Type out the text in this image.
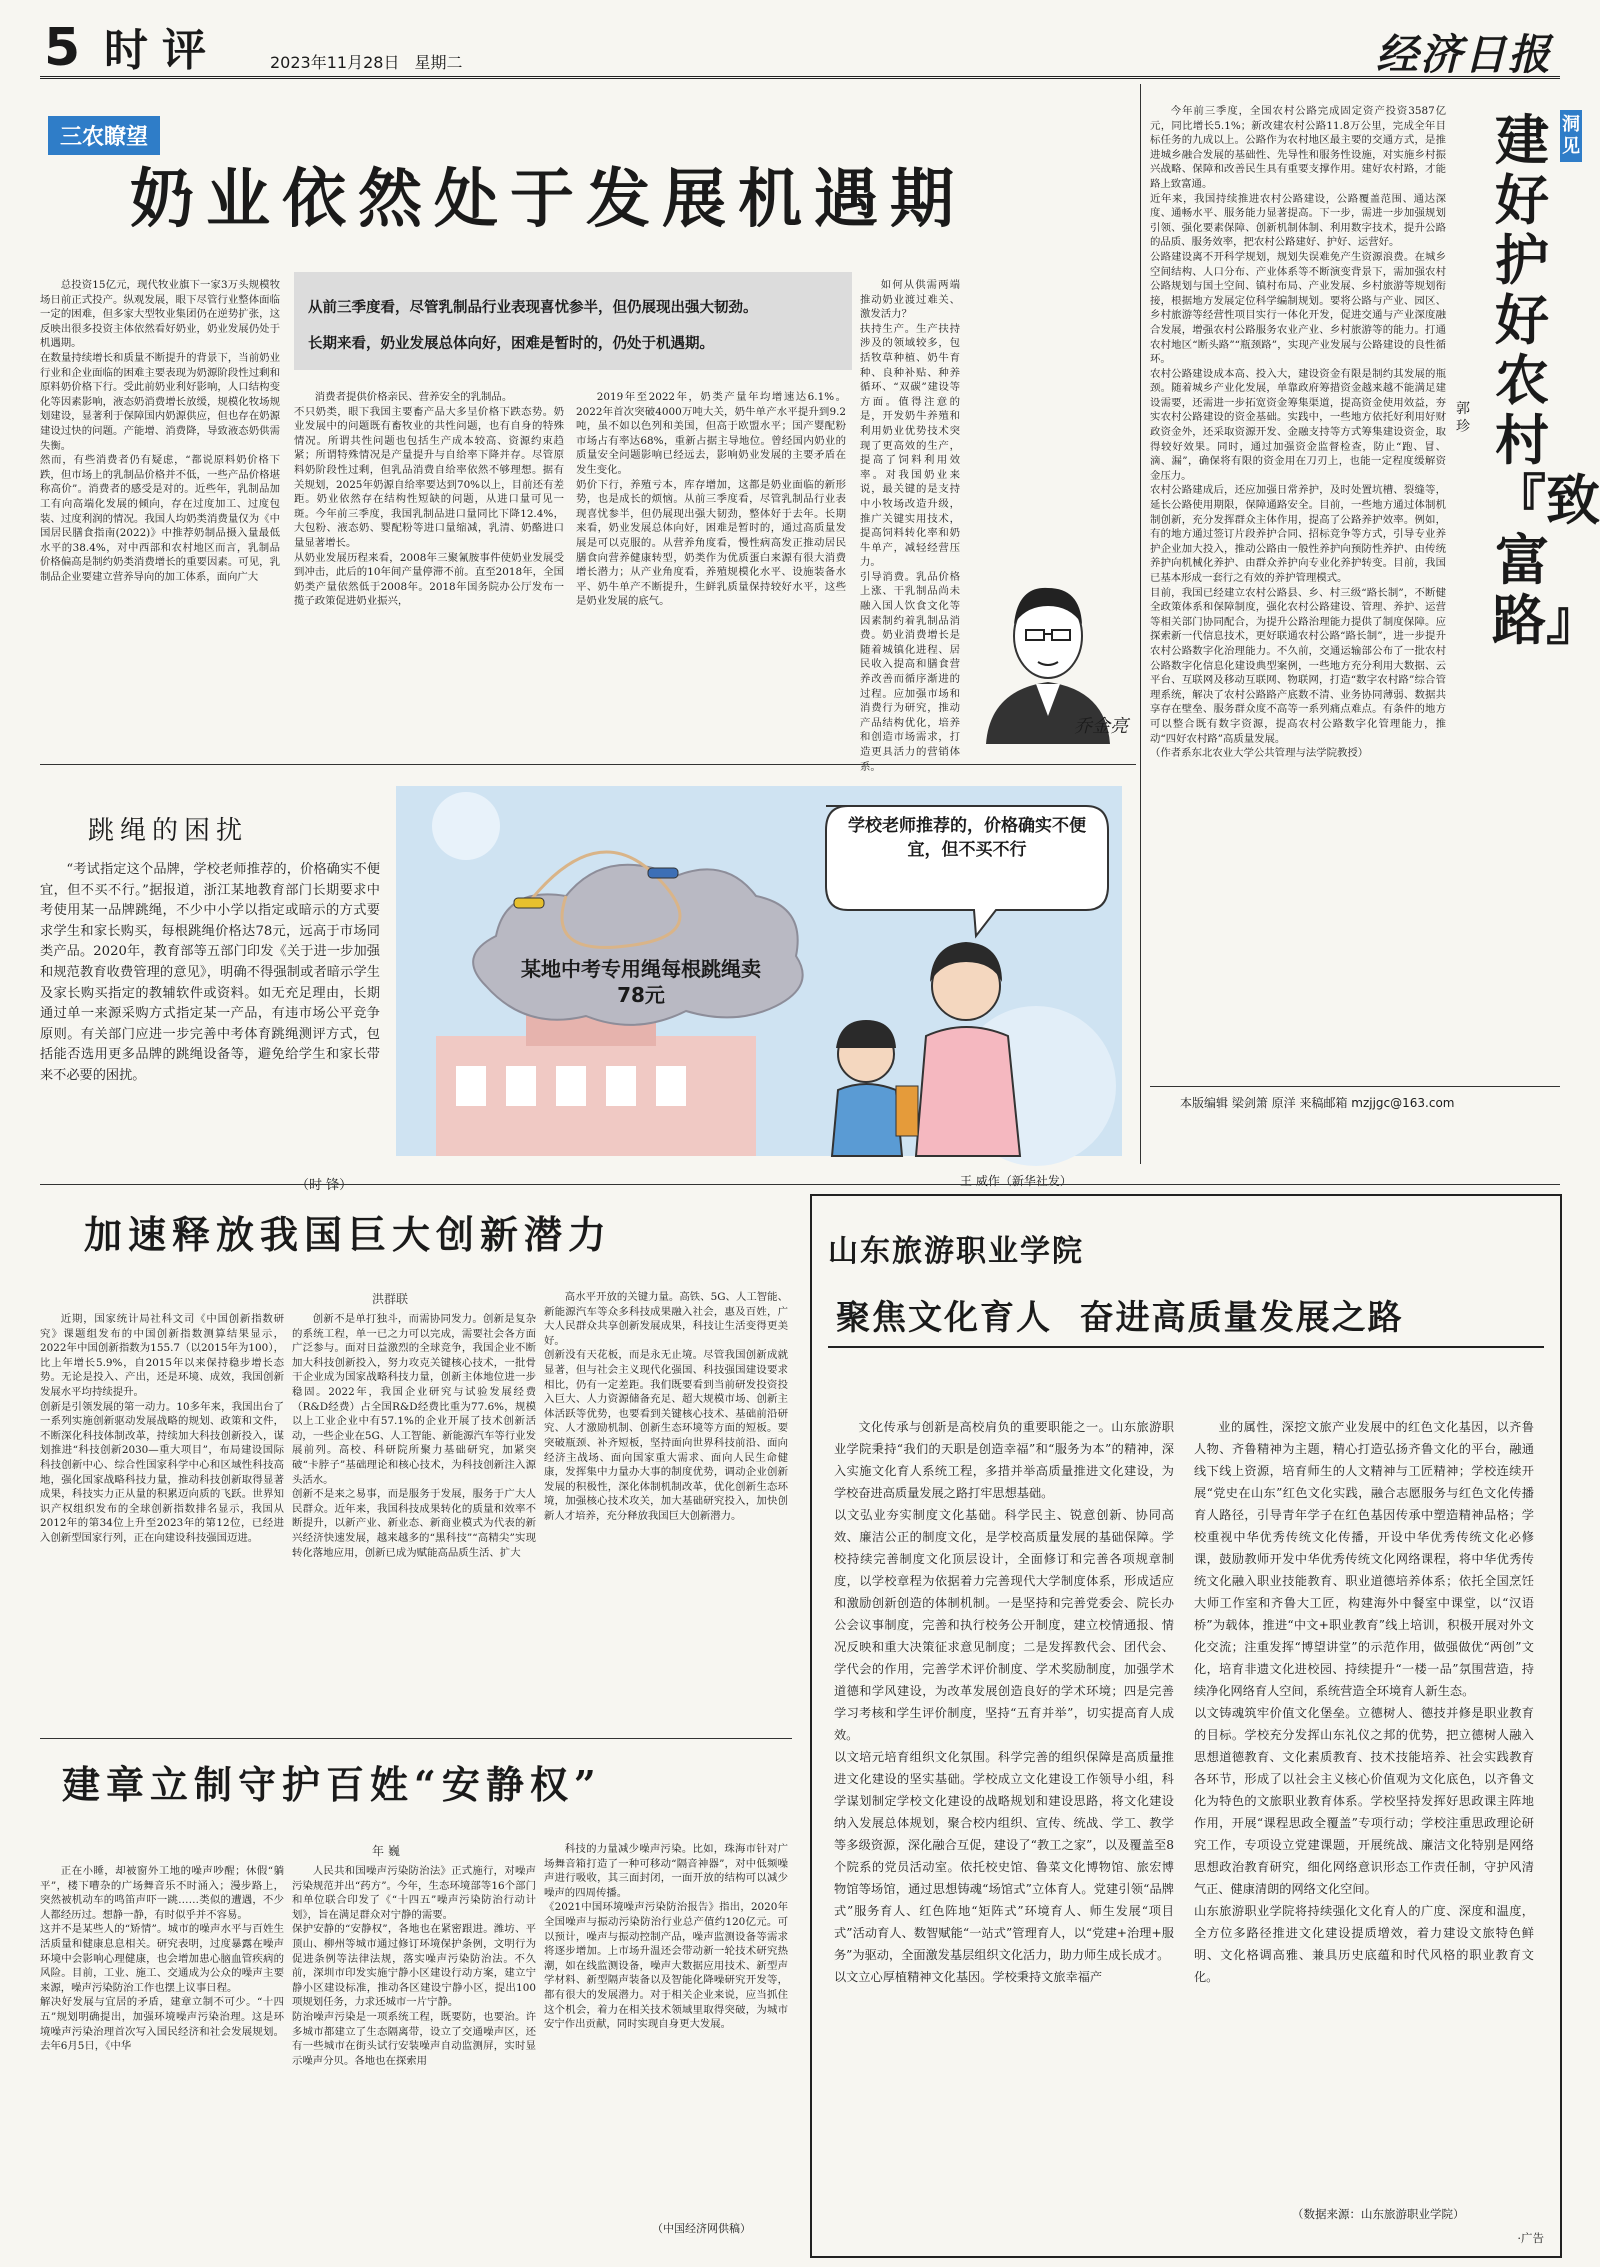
5 时评	2023年11月28日 星期二	经济日报
三农瞭望
奶业依然处于发展机遇期
总投资15亿元，现代牧业旗下一家3万头规模牧场日前正式投产。纵观发展，眼下尽管行业整体面临一定的困难，但多家大型牧业集团仍在逆势扩张，这反映出很多投资主体依然看好奶业，奶业发展仍处于机遇期。
在数量持续增长和质量不断提升的背景下，当前奶业行业和企业面临的困难主要表现为奶源阶段性过剩和原料奶价格下行。受此前奶业利好影响，人口结构变化等因素影响，液态奶消费增长放缓，规模化牧场规划建设，显著利于保障国内奶源供应，但也存在奶源建设过快的问题。产能增、消费降，导致液态奶供需失衡。
然而，有些消费者仍有疑虑，“都说原料奶价格下跌，但市场上的乳制品价格并不低，一些产品价格堪称高价”。消费者的感受是对的。近些年，乳制品加工有向高端化发展的倾向，存在过度加工、过度包装、过度利润的情况。我国人均奶类消费量仅为《中国居民膳食指南(2022)》中推荐奶制品摄入量最低水平的38.4%，对中西部和农村地区而言，乳制品价格偏高是制约奶类消费增长的重要因素。可见，乳制品企业要建立营养导向的加工体系，面向广大
从前三季度看，尽管乳制品行业表现喜忧参半，但仍展现出强大韧劲。
长期来看，奶业发展总体向好，困难是暂时的，仍处于机遇期。
消费者提供价格亲民、营养安全的乳制品。
不只奶类，眼下我国主要畜产品大多呈价格下跌态势。奶业发展中的问题既有畜牧业的共性问题，也有自身的特殊情况。所谓共性问题也包括生产成本较高、资源约束趋紧；所谓特殊情况是产量提升与自给率下降并存。尽管原料奶阶段性过剩，但乳品消费自给率依然不够理想。据有关规划，2025年奶源自给率要达到70%以上，目前还有差距。奶业依然存在结构性短缺的问题，从进口量可见一斑。今年前三季度，我国乳制品进口量同比下降12.4%，大包粉、液态奶、婴配粉等进口量缩减，乳清、奶酪进口量显著增长。
从奶业发展历程来看，2008年三聚氰胺事件使奶业发展受到冲击，此后的10年间产量停滞不前。直至2018年，全国奶类产量依然低于2008年。2018年国务院办公厅发布一揽子政策促进奶业振兴，
2019年至2022年，奶类产量年均增速达6.1%。2022年首次突破4000万吨大关，奶牛单产水平提升到9.2吨，虽不如以色列和美国，但高于欧盟水平；国产婴配粉市场占有率达68%，重新占据主导地位。曾经国内奶业的质量安全问题影响已经远去，影响奶业发展的主要矛盾在发生变化。
奶价下行，养殖亏本，库存增加，这都是奶业面临的新形势，也是成长的烦恼。从前三季度看，尽管乳制品行业表现喜忧参半，但仍展现出强大韧劲，整体好于去年。长期来看，奶业发展总体向好，困难是暂时的，通过高质量发展是可以克服的。从营养角度看，慢性病高发正推动居民膳食向营养健康转型，奶类作为优质蛋白来源有很大消费增长潜力；从产业角度看，养殖规模化水平、设施装备水平、奶牛单产不断提升，生鲜乳质量保持较好水平，这些是奶业发展的底气。
如何从供需两端推动奶业渡过难关、激发活力？
扶持生产。生产扶持涉及的领域较多，包括牧草种植、奶牛育种、良种补贴、种养循环、“双碳”建设等方面。值得注意的是，开发奶牛养殖和利用奶业优势技术突现了更高效的生产，提高了饲料利用效率。对我国奶业来说，最关键的是支持中小牧场改造升级，推广关键实用技术，提高饲料转化率和奶牛单产，减轻经营压力。
引导消费。乳品价格上涨、干乳制品尚未融入国人饮食文化等因素制约着乳制品消费。奶业消费增长是随着城镇化进程、居民收入提高和膳食营养改善而循序渐进的过程。应加强市场和消费行为研究，推动产品结构优化，培养和创造市场需求，打造更具活力的营销体系。
乔金亮
洞见
建好护好农村『致富路』
郭 珍
今年前三季度，全国农村公路完成固定资产投资3587亿元，同比增长5.1%；新改建农村公路11.8万公里，完成全年目标任务的九成以上。公路作为农村地区最主要的交通方式，是推进城乡融合发展的基础性、先导性和服务性设施，对实施乡村振兴战略、保障和改善民生具有重要支撑作用。建好农村路，才能路上致富通。
近年来，我国持续推进农村公路建设，公路覆盖范围、通达深度、通畅水平、服务能力显著提高。下一步，需进一步加强规划引领、强化要素保障、创新机制体制、利用数字技术，提升公路的品质、服务效率，把农村公路建好、护好、运营好。
公路建设离不开科学规划，规划失误难免产生资源浪费。在城乡空间结构、人口分布、产业体系等不断演变背景下，需加强农村公路规划与国土空间、镇村布局、产业发展、乡村旅游等规划衔接，根据地方发展定位科学编制规划。要将公路与产业、园区、乡村旅游等经营性项目实行一体化开发，促进交通与产业深度融合发展，增强农村公路服务农业产业、乡村旅游等的能力。打通农村地区“断头路”“瓶颈路”，实现产业发展与公路建设的良性循环。
农村公路建设成本高、投入大，建设资金有限是制约其发展的瓶颈。随着城乡产业化发展，单靠政府筹措资金越来越不能满足建设需要，还需进一步拓宽资金筹集渠道，提高资金使用效益，夯实农村公路建设的资金基础。实践中，一些地方依托好利用好财政资金外，还采取资源开发、金融支持等方式筹集建设资金，取得较好效果。同时，通过加强资金监督检查，防止“跑、冒、滴、漏”，确保将有限的资金用在刀刃上，也能一定程度缓解资金压力。
农村公路建成后，还应加强日常养护，及时处置坑槽、裂缝等，延长公路使用期限，保障通路安全。目前，一些地方通过体制机制创新，充分发挥群众主体作用，提高了公路养护效率。例如，有的地方通过签订片段养护合同、招标竞争等方式，引导专业养护企业加大投入，推动公路由一般性养护向预防性养护、由传统养护向机械化养护、由群众养护向专业化养护转变。目前，我国已基本形成一套行之有效的养护管理模式。
目前，我国已经建立农村公路县、乡、村三级“路长制”，不断健全政策体系和保障制度，强化农村公路建设、管理、养护、运营等相关部门协同配合，为提升公路治理能力提供了制度保障。应探索新一代信息技术，更好联通农村公路“路长制”，进一步提升农村公路数字化治理能力。不久前，交通运输部公布了一批农村公路数字化信息化建设典型案例，一些地方充分利用大数据、云平台、互联网及移动互联网、物联网，打造“数字农村路”综合管理系统，解决了农村公路路产底数不清、业务协同薄弱、数据共享存在壁垒、服务群众度不高等一系列痛点难点。有条件的地方可以整合既有数字资源，提高农村公路数字化管理能力，推动“四好农村路”高质量发展。
（作者系东北农业大学公共管理与法学院教授）
本版编辑 梁剑箫 原洋 来稿邮箱 mzjjgc@163.com
跳绳的困扰
“考试指定这个品牌，学校老师推荐的，价格确实不便宜，但不买不行。”据报道，浙江某地教育部门长期要求中考使用某一品牌跳绳，不少中小学以指定或暗示的方式要求学生和家长购买，每根跳绳价格达78元，远高于市场同类产品。2020年，教育部等五部门印发《关于进一步加强和规范教育收费管理的意见》，明确不得强制或者暗示学生及家长购买指定的教辅软件或资料。如无充足理由，长期通过单一来源采购方式指定某一产品，有违市场公平竞争原则。有关部门应进一步完善中考体育跳绳测评方式，包括能否选用更多品牌的跳绳设备等，避免给学生和家长带来不必要的困扰。
（时 锋）
学校老师推荐的，价格确实不便宜，但不买不行
某地中考专用绳每根跳绳卖78元
王 威作（新华社发）
加速释放我国巨大创新潜力
洪群联
近期，国家统计局社科文司《中国创新指数研究》课题组发布的中国创新指数测算结果显示，2022年中国创新指数为155.7（以2015年为100），比上年增长5.9%，自2015年以来保持稳步增长态势。无论是投入、产出，还是环境、成效，我国创新发展水平均持续提升。
创新是引领发展的第一动力。10多年来，我国出台了一系列实施创新驱动发展战略的规划、政策和文件，不断深化科技体制改革，持续加大科技创新投入，谋划推进“科技创新2030—重大项目”，布局建设国际科技创新中心、综合性国家科学中心和区域性科技高地，强化国家战略科技力量，推动科技创新取得显著成果，科技实力正从量的积累迈向质的飞跃。世界知识产权组织发布的全球创新指数排名显示，我国从2012年的第34位上升至2023年的第12位，已经进入创新型国家行列，正在向建设科技强国迈进。
创新不是单打独斗，而需协同发力。创新是复杂的系统工程，单一已之力可以完成，需要社会各方面广泛参与。面对日益激烈的全球竞争，我国企业不断加大科技创新投入，努力攻克关键核心技术，一批骨干企业成为国家战略科技力量，创新主体地位进一步稳固。2022年，我国企业研究与试验发展经费（R&D经费）占全国R&D经费比重为77.6%，规模以上工业企业中有57.1%的企业开展了技术创新活动，一些企业在5G、人工智能、新能源汽车等行业发展前列。高校、科研院所聚力基础研究，加紧突破“卡脖子”基础理论和核心技术，为科技创新注入源头活水。
创新不是来之易事，而是服务于发展，服务于广大人民群众。近年来，我国科技成果转化的质量和效率不断提升，以新产业、新业态、新商业模式为代表的新兴经济快速发展，越来越多的“黑科技”“高精尖”实现转化落地应用，创新已成为赋能高品质生活、扩大
高水平开放的关键力量。高铁、5G、人工智能、新能源汽车等众多科技成果融入社会，惠及百姓，广大人民群众共享创新发展成果，科技让生活变得更美好。
创新没有天花板，而是永无止境。尽管我国创新成就显著，但与社会主义现代化强国、科技强国建设要求相比，仍有一定差距。我们既要看到当前研发投资投入巨大、人力资源储备充足、超大规模市场、创新主体活跃等优势，也要看到关键核心技术、基础前沿研究、人才激励机制、创新生态环境等方面的短板。要突破瓶颈、补齐短板，坚持面向世界科技前沿、面向经济主战场、面向国家重大需求、面向人民生命健康，发挥集中力量办大事的制度优势，调动企业创新发展的积极性，深化体制机制改革，优化创新生态环境，加强核心技术攻关，加大基础研究投入，加快创新人才培养，充分释放我国巨大创新潜力。
建章立制守护百姓“安静权”
年 巍
正在小睡，却被窗外工地的噪声吵醒；休假“躺平”，楼下嘈杂的广场舞音乐不时涌入；漫步路上，突然被机动车的鸣笛声吓一跳……类似的遭遇，不少人都经历过。想静一静，有时似乎并不容易。
这并不是某些人的“矫情”。城市的噪声水平与百姓生活质量和健康息息相关。研究表明，过度暴露在噪声环境中会影响心理健康，也会增加患心脑血管疾病的风险。目前，工业、施工、交通成为公众的噪声主要来源，噪声污染防治工作也摆上议事日程。
解决好发展与宜居的矛盾，建章立制不可少。“十四五”规划明确提出，加强环境噪声污染治理。这是环境噪声污染治理首次写入国民经济和社会发展规划。去年6月5日，《中华
人民共和国噪声污染防治法》正式施行，对噪声污染规范并出“药方”。今年，生态环境部等16个部门和单位联合印发了《“十四五”噪声污染防治行动计划》，旨在满足群众对宁静的需要。
保护安静的“安静权”，各地也在紧密跟进。潍坊、平顶山、柳州等城市通过修订环境保护条例，文明行为促进条例等法律法规，落实噪声污染防治法。不久前，深圳市印发实施宁静小区建设行动方案，建立宁静小区建设标准，推动各区建设宁静小区，提出100项规划任务，力求还城市一片宁静。
防治噪声污染是一项系统工程，既要防，也要治。许多城市都建立了生态隔离带，设立了交通噪声区，还有一些城市在街头试行安装噪声自动监测屏，实时显示噪声分贝。各地也在探索用
科技的力量减少噪声污染。比如，珠海市针对广场舞音箱打造了一种可移动“隔音神器”，对中低频噪声进行吸收，其三面封闭，一面开放的结构可以减少噪声的四周传播。
《2021中国环境噪声污染防治报告》指出，2020年全国噪声与振动污染防治行业总产值约120亿元。可以预计，噪声与振动控制产品，噪声监测设备等需求将逐步增加。上市场升温还会带动新一轮技术研究热潮，如在线监测设备，噪声大数据应用技术、新型声学材料、新型隔声装备以及智能化降噪研究开发等，都有很大的发展潜力。对于相关企业来说，应当抓住这个机会，着力在相关技术领域里取得突破，为城市安宁作出贡献，同时实现自身更大发展。
（中国经济网供稿）
山东旅游职业学院
聚焦文化育人  奋进高质量发展之路
文化传承与创新是高校肩负的重要职能之一。山东旅游职业学院秉持“我们的天职是创造幸福”和“服务为本”的精神，深入实施文化育人系统工程，多措并举高质量推进文化建设，为学校奋进高质量发展之路打牢思想基础。
以文弘业夯实制度文化基础。科学民主、锐意创新、协同高效、廉洁公正的制度文化，是学校高质量发展的基础保障。学校持续完善制度文化顶层设计，全面修订和完善各项规章制度，以学校章程为依据着力完善现代大学制度体系，形成适应和激励创新创造的体制机制。一是坚持和完善党委会、院长办公会议事制度，完善和执行校务公开制度，建立校情通报、情况反映和重大决策征求意见制度；二是发挥教代会、团代会、学代会的作用，完善学术评价制度、学术奖励制度，加强学术道德和学风建设，为改革发展创造良好的学术环境；四是完善学习考核和学生评价制度，坚持“五育并举”，切实提高育人成效。
以文培元培育组织文化氛围。科学完善的组织保障是高质量推进文化建设的坚实基础。学校成立文化建设工作领导小组，科学谋划制定学校文化建设的战略规划和建设思路，将文化建设纳入发展总体规划，聚合校内组织、宣传、统战、学工、教学等多级资源，深化融合互促，建设了“教工之家”，以及覆盖至8个院系的党员活动室。依托校史馆、鲁菜文化博物馆、旅宏博物馆等场馆，通过思想铸魂“场馆式”立体育人。党建引领“品牌式”服务育人、红色阵地“矩阵式”环境育人、师生发展“项目式”活动育人、数智赋能“一站式”管理育人，以“党建+治理+服务”为驱动，全面激发基层组织文化活力，助力师生成长成才。
以文立心厚植精神文化基因。学校秉持文旅幸福产
业的属性，深挖文旅产业发展中的红色文化基因，以齐鲁人物、齐鲁精神为主题，精心打造弘扬齐鲁文化的平台，融通线下线上资源，培育师生的人文精神与工匠精神；学校连续开展“党史在山东”红色文化实践，融合志愿服务与红色文化传播育人路径，引导青年学子在红色基因传承中塑造精神品格；学校重视中华优秀传统文化传播，开设中华优秀传统文化必修课，鼓励教师开发中华优秀传统文化网络课程，将中华优秀传统文化融入职业技能教育、职业道德培养体系；依托全国烹饪大师工作室和齐鲁大工匠，构建海外中餐室中课堂，以“汉语桥”为载体，推进“中文+职业教育”线上培训，积极开展对外文化交流；注重发挥“博望讲堂”的示范作用，做强做优“两创”文化，培育非遗文化进校园、持续提升“一楼一品”氛围营造，持续净化网络育人空间，系统营造全环境育人新生态。
以文铸魂筑牢价值文化堡垒。立德树人、德技并修是职业教育的目标。学校充分发挥山东礼仪之邦的优势，把立德树人融入思想道德教育、文化素质教育、技术技能培养、社会实践教育各环节，形成了以社会主义核心价值观为文化底色，以齐鲁文化为特色的文旅职业教育体系。学校坚持发挥好思政课主阵地作用，开展“课程思政全覆盖”专项行动；学校注重思政理论研究工作，专项设立党建课题，开展统战、廉洁文化特别是网络思想政治教育研究，细化网络意识形态工作责任制，守护风清气正、健康清朗的网络文化空间。
山东旅游职业学院将持续强化文化育人的广度、深度和温度，全方位多路径推进文化建设提质增效，着力建设文旅特色鲜明、文化格调高雅、兼具历史底蕴和时代风格的职业教育文化。
（数据来源：山东旅游职业学院）
·广告
